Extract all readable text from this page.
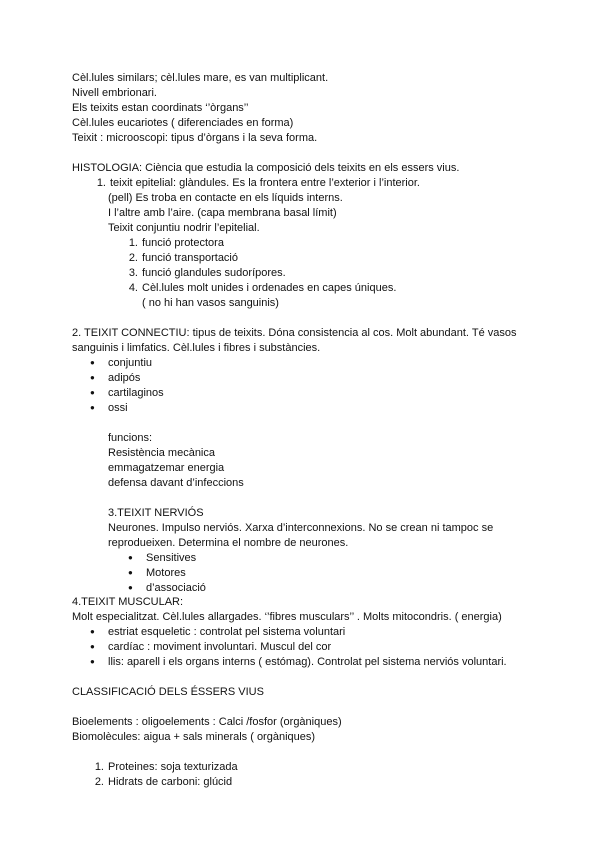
Cèl.lules similars; cèl.lules mare, es van multiplicant.
Nivell embrionari.
Els teixits estan coordinats ‘’òrgans’’
Cèl.lules eucariotes ( diferenciades en forma)
Teixit : microoscopi: tipus d’òrgans i la seva forma.
HISTOLOGIA: Ciència que estudia la composició dels teixits en els essers vius.
1. teixit epitelial: glàndules. Es la frontera entre l’exterior i l’interior.
(pell) Es troba en contacte en els líquids interns.
I l’altre amb l’aire. (capa membrana basal límit)
Teixit conjuntiu nodrir l’epitelial.
1. funció protectora
2. funció transportació
3. funció glandules sudorípores.
4. Cèl.lules molt unides i ordenades en capes úniques.
( no hi han vasos sanguinis)
2. TEIXIT CONNECTIU: tipus de teixits. Dóna consistencia al cos. Molt abundant. Té vasos
sanguinis i limfatics. Cèl.lules i fibres i substàncies.
● conjuntiu
● adipós
● cartilaginos
● ossi
funcions:
Resistència mecànica
emmagatzemar energia
defensa davant d’infeccions
3.TEIXIT NERVIÓS
Neurones. Impulso nerviós. Xarxa d’interconnexions. No se crean ni tampoc se
reprodueixen. Determina el nombre de neurones.
● Sensitives
● Motores
● d’associació
4.TEIXIT MUSCULAR:
Molt especialitzat. Cèl.lules allargades. ‘’fibres musculars’’ . Molts mitocondris. ( energia)
● estriat esqueletic : controlat pel sistema voluntari
● cardíac : moviment involuntari. Muscul del cor
● llis: aparell i els organs interns ( estómag). Controlat pel sistema nerviós voluntari.
CLASSIFICACIÓ DELS ÉSSERS VIUS
Bioelements : oligoelements : Calci /fosfor (orgàniques)
Biomolècules: aigua + sals minerals ( orgàniques)
1. Proteines: soja texturizada
2. Hidrats de carboni: glúcid
